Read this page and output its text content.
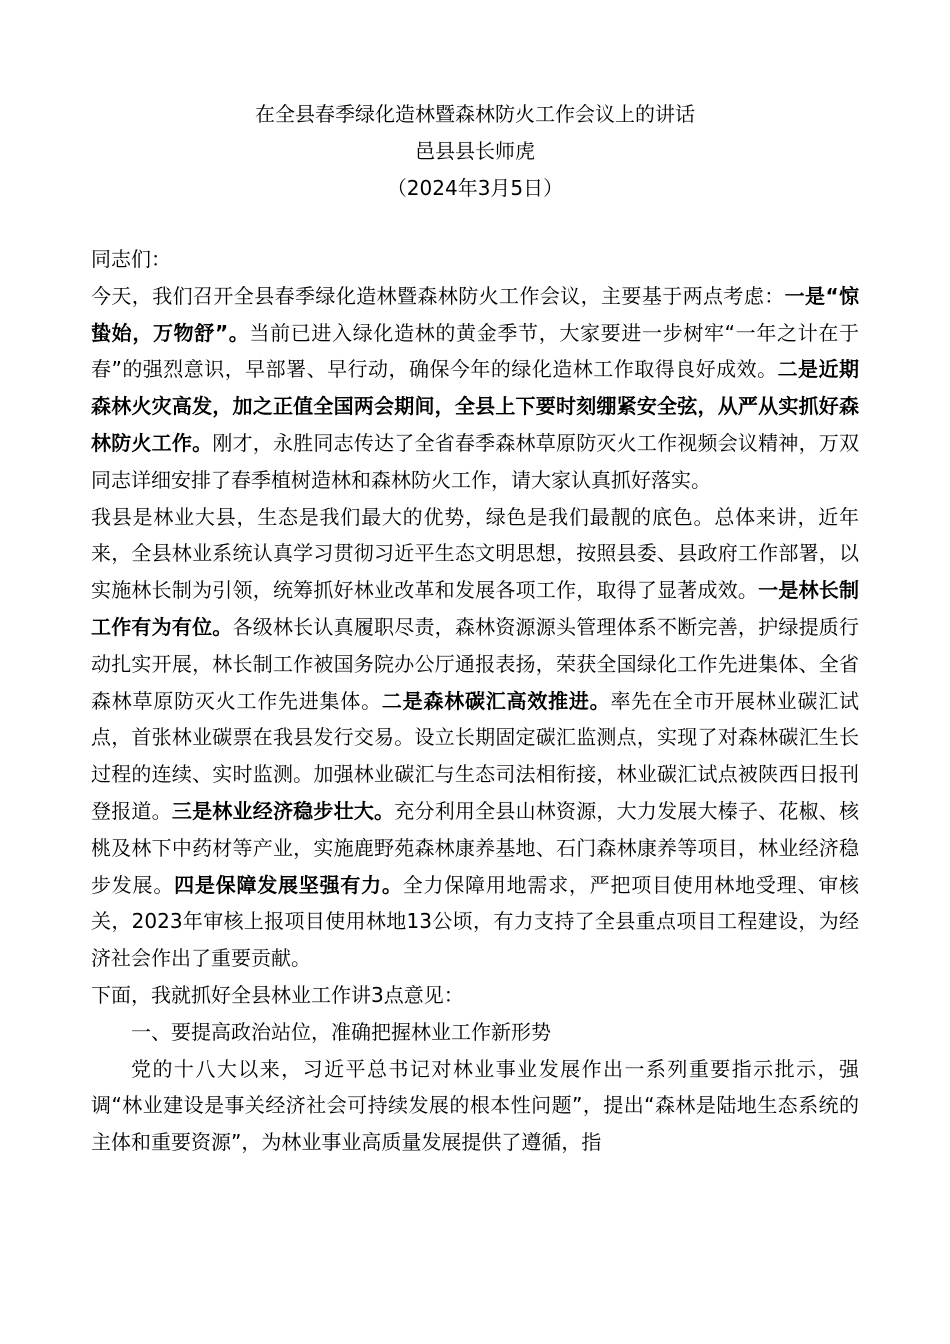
在全县春季绿化造林暨森林防火工作会议上的讲话
邑县县长师虎
（2024年3月5日）

同志们：

今天，我们召开全县春季绿化造林暨森林防火工作会议，主要基于两点考虑：一是“惊蛰始，万物舒”。当前已进入绿化造林的黄金季节，大家要进一步树牢“一年之计在于春”的强烈意识，早部署、早行动，确保今年的绿化造林工作取得良好成效。二是近期森林火灾高发，加之正值全国两会期间，全县上下要时刻绷紧安全弦，从严从实抓好森林防火工作。刚才，永胜同志传达了全省春季森林草原防灭火工作视频会议精神，万双同志详细安排了春季植树造林和森林防火工作，请大家认真抓好落实。

我县是林业大县，生态是我们最大的优势，绿色是我们最靓的底色。总体来讲，近年来，全县林业系统认真学习贯彻习近平生态文明思想，按照县委、县政府工作部署，以实施林长制为引领，统筹抓好林业改革和发展各项工作，取得了显著成效。一是林长制工作有为有位。各级林长认真履职尽责，森林资源源头管理体系不断完善，护绿提质行动扎实开展，林长制工作被国务院办公厅通报表扬，荣获全国绿化工作先进集体、全省森林草原防灭火工作先进集体。二是森林碳汇高效推进。率先在全市开展林业碳汇试点，首张林业碳票在我县发行交易。设立长期固定碳汇监测点，实现了对森林碳汇生长过程的连续、实时监测。加强林业碳汇与生态司法相衔接，林业碳汇试点被陕西日报刊登报道。三是林业经济稳步壮大。充分利用全县山林资源，大力发展大榛子、花椒、核桃及林下中药材等产业，实施鹿野苑森林康养基地、石门森林康养等项目，林业经济稳步发展。四是保障发展坚强有力。全力保障用地需求，严把项目使用林地受理、审核关，2023年审核上报项目使用林地13公顷，有力支持了全县重点项目工程建设，为经济社会作出了重要贡献。

下面，我就抓好全县林业工作讲3点意见：

一、要提高政治站位，准确把握林业工作新形势

党的十八大以来，习近平总书记对林业事业发展作出一系列重要指示批示，强调“林业建设是事关经济社会可持续发展的根本性问题”，提出“森林是陆地生态系统的主体和重要资源”，为林业事业高质量发展提供了遵循，指
